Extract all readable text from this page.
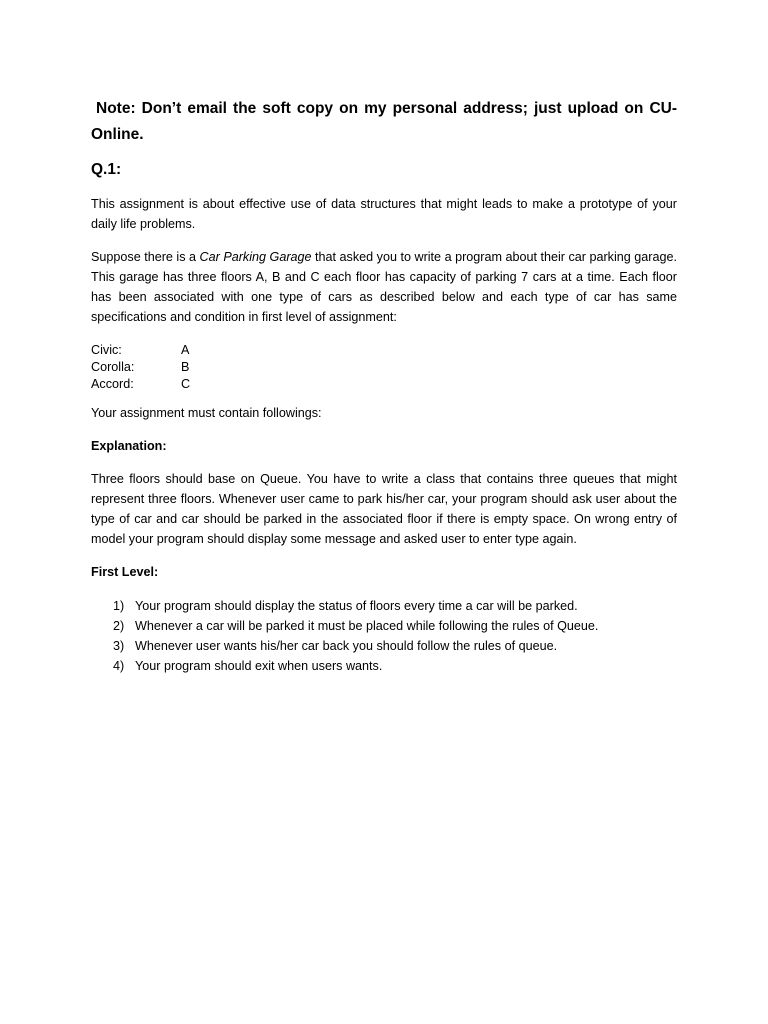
Note: Don’t email the soft copy on my personal address; just upload on CU-Online.
Q.1:
This assignment is about effective use of data structures that might leads to make a prototype of your daily life problems.
Suppose there is a Car Parking Garage that asked you to write a program about their car parking garage. This garage has three floors A, B and C each floor has capacity of parking 7 cars at a time. Each floor has been associated with one type of cars as described below and each type of car has same specifications and condition in first level of assignment:
Civic:	A
Corolla:	B
Accord:	C
Your assignment must contain followings:
Explanation:
Three floors should base on Queue. You have to write a class that contains three queues that might represent three floors. Whenever user came to park his/her car, your program should ask user about the type of car and car should be parked in the associated floor if there is empty space. On wrong entry of model your program should display some message and asked user to enter type again.
First Level:
1) Your program should display the status of floors every time a car will be parked.
2) Whenever a car will be parked it must be placed while following the rules of Queue.
3) Whenever user wants his/her car back you should follow the rules of queue.
4) Your program should exit when users wants.
